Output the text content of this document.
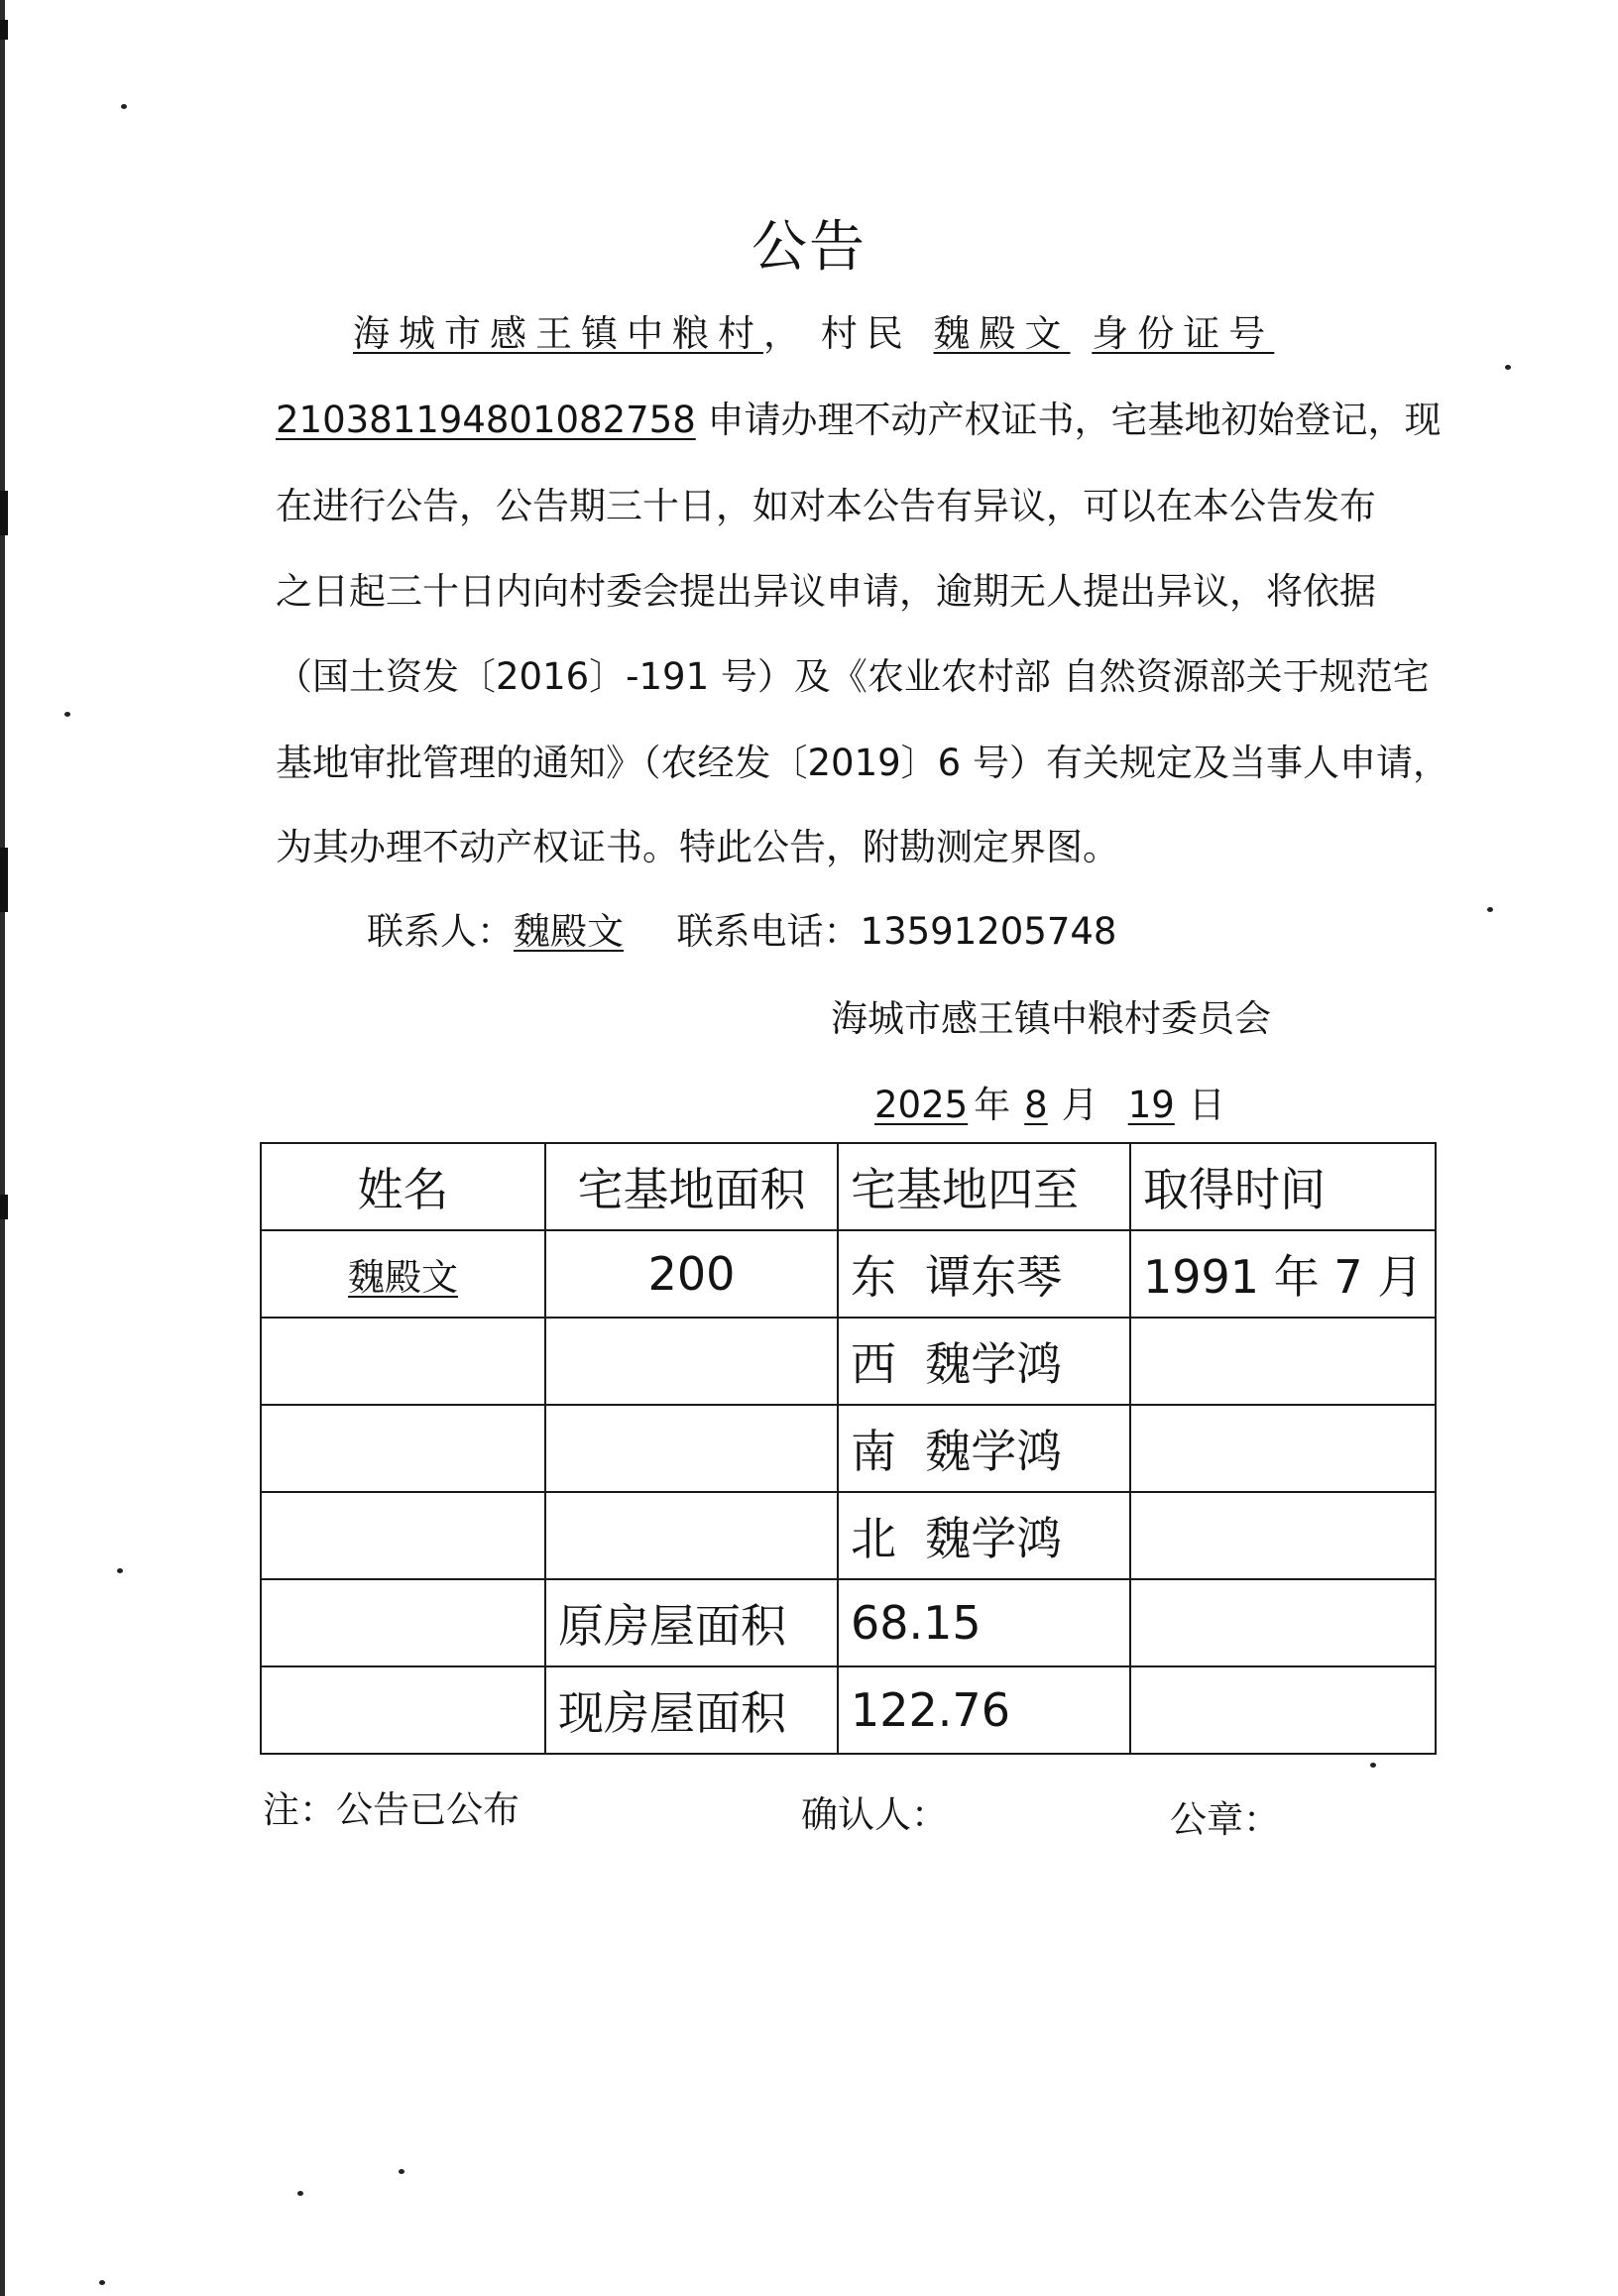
公告
海城市感王镇中粮村， 村民 魏殿文 身份证号
210381194801082758 申请办理不动产权证书，宅基地初始登记，现
在进行公告，公告期三十日，如对本公告有异议，可以在本公告发布
之日起三十日内向村委会提出异议申请，逾期无人提出异议，将依据
（国土资发〔2016〕-191 号）及《农业农村部 自然资源部关于规范宅
基地审批管理的通知》（农经发〔2019〕6 号）有关规定及当事人申请，
为其办理不动产权证书。特此公告，附勘测定界图。
联系人：魏殿文 联系电话：13591205748
海城市感王镇中粮村委员会
2025 年 8 月 19 日
姓名	宅基地面积	宅基地四至	取得时间
魏殿文	200	东 谭东琴	1991 年 7 月
		西 魏学鸿	
		南 魏学鸿	
		北 魏学鸿	
	原房屋面积	68.15	
	现房屋面积	122.76	
注：公告已公布	确认人：	公章：
